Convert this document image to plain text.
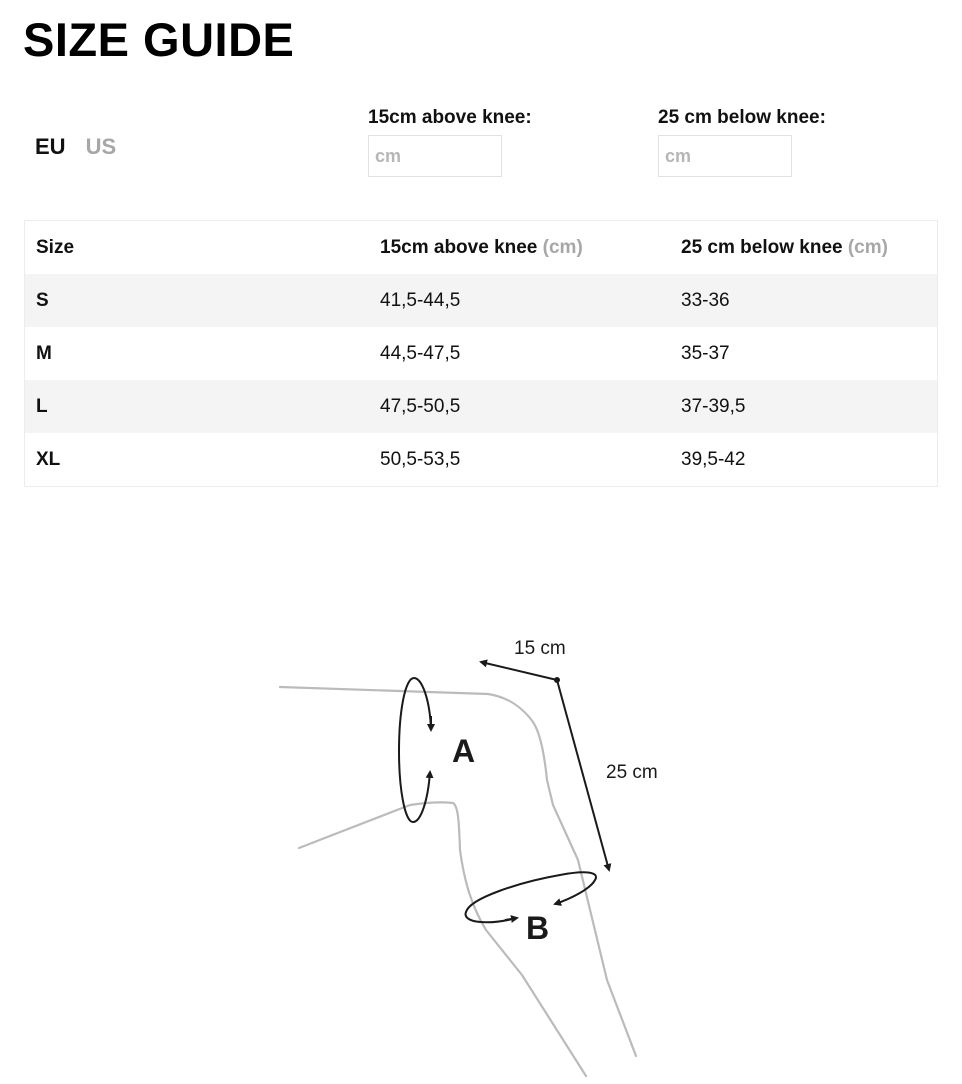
SIZE GUIDE
EU US
15cm above knee:
cm	25 cm below knee:
cm
Size	15cm above knee (cm)	25 cm below knee (cm)
S	41,5-44,5	33-36
M	44,5-47,5	35-37
L	47,5-50,5	37-39,5
XL	50,5-53,5	39,5-42
15 cm
25 cm
A
B
